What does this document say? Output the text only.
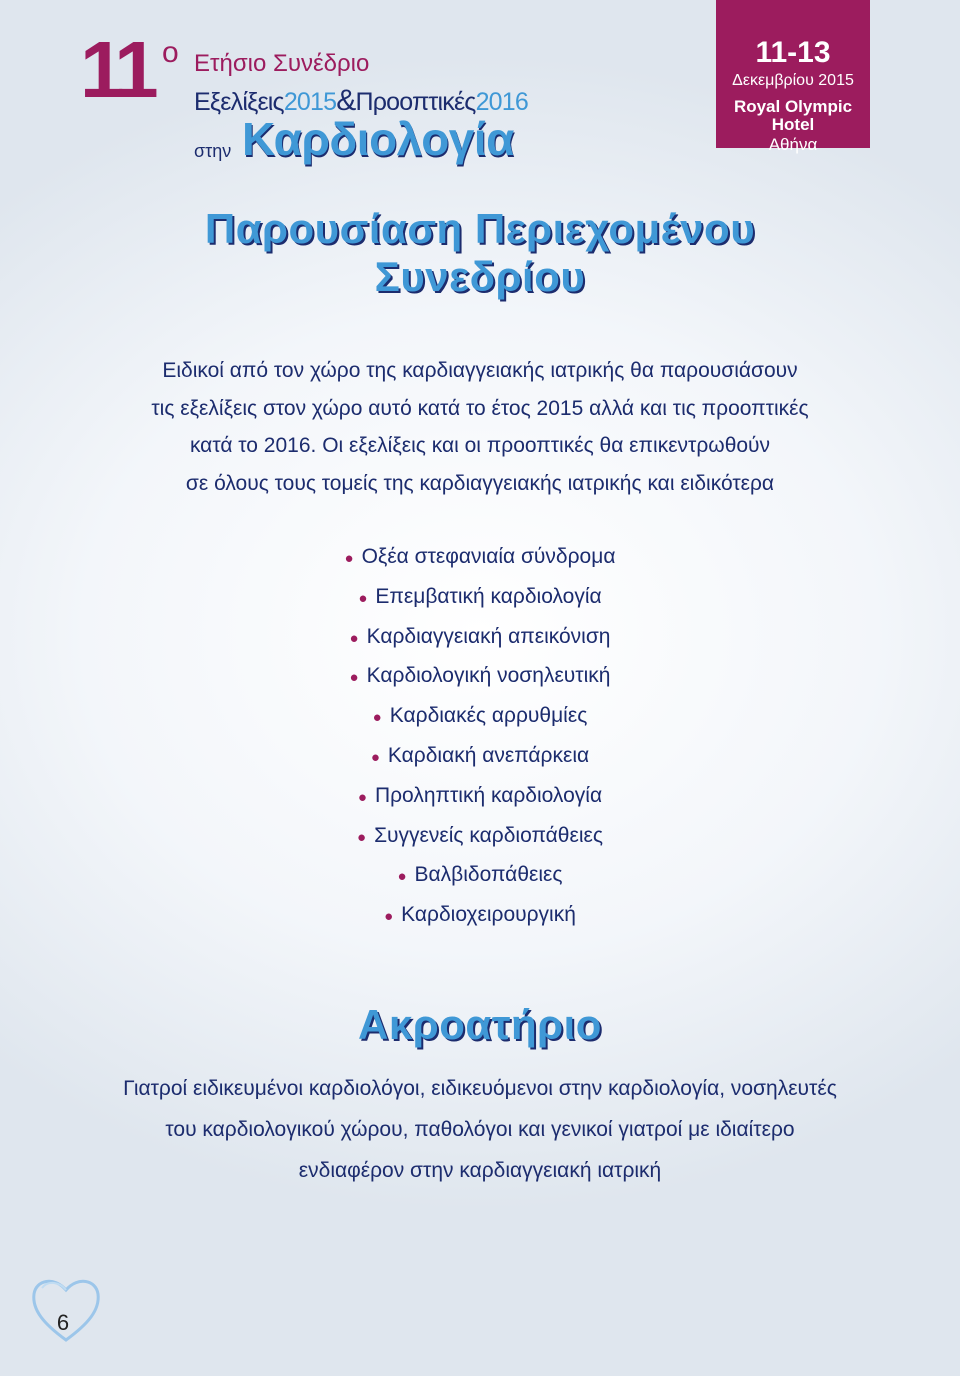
11 ο Ετήσιο Συνέδριο
Εξελίξεις2015&Προοπτικές2016
στην Καρδιολογία
11-13
Δεκεμβρίου 2015
Royal Olympic Hotel
Αθήνα
Παρουσίαση Περιεχομένου
Συνεδρίου
Ειδικοί από τον χώρο της καρδιαγγειακής ιατρικής θα παρουσιάσουν
τις εξελίξεις στον χώρο αυτό κατά το έτος 2015 αλλά και τις προοπτικές
κατά το 2016. Οι εξελίξεις και οι προοπτικές θα επικεντρωθούν
σε όλους τους τομείς της καρδιαγγειακής ιατρικής και ειδικότερα
● Οξέα στεφανιαία σύνδρομα
● Επεμβατική καρδιολογία
● Καρδιαγγειακή απεικόνιση
● Καρδιολογική νοσηλευτική
● Καρδιακές αρρυθμίες
● Καρδιακή ανεπάρκεια
● Προληπτική καρδιολογία
● Συγγενείς καρδιοπάθειες
● Βαλβιδοπάθειες
● Καρδιοχειρουργική
Ακροατήριο
Γιατροί ειδικευμένοι καρδιολόγοι, ειδικευόμενοι στην καρδιολογία, νοσηλευτές
του καρδιολογικού χώρου, παθολόγοι και γενικοί γιατροί με ιδιαίτερο
ενδιαφέρον στην καρδιαγγειακή ιατρική
6
